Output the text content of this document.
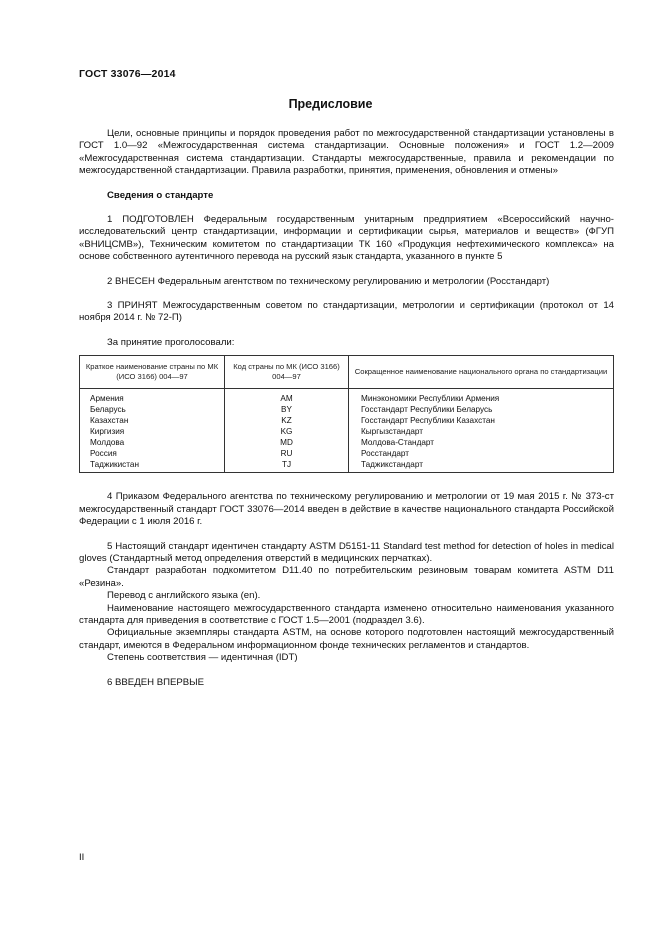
ГОСТ 33076—2014
Предисловие

Цели, основные принципы и порядок проведения работ по межгосударственной стандартизации установлены в ГОСТ 1.0—92 «Межгосударственная система стандартизации. Основные положения» и ГОСТ 1.2—2009 «Межгосударственная система стандартизации. Стандарты межгосударственные, правила и рекомендации по межгосударственной стандартизации. Правила разработки, принятия, применения, обновления и отмены»

Сведения о стандарте

1 ПОДГОТОВЛЕН Федеральным государственным унитарным предприятием «Всероссийский научно-исследовательский центр стандартизации, информации и сертификации сырья, материалов и веществ» (ФГУП «ВНИЦСМВ»), Техническим комитетом по стандартизации ТК 160 «Продукция нефтехимического комплекса» на основе собственного аутентичного перевода на русский язык стандарта, указанного в пункте 5

2 ВНЕСЕН Федеральным агентством по техническому регулированию и метрологии (Росстандарт)

3 ПРИНЯТ Межгосударственным советом по стандартизации, метрологии и сертификации (протокол от 14 ноября 2014 г. № 72-П)

За принятие проголосовали:

Краткое наименование страны по МК (ИСО 3166) 004—97	Код страны по МК (ИСО 3166) 004—97	Сокращенное наименование национального органа по стандартизации
Армения	AM	Минэкономики Республики Армения
Беларусь	BY	Госстандарт Республики Беларусь
Казахстан	KZ	Госстандарт Республики Казахстан
Киргизия	KG	Кыргызстандарт
Молдова	MD	Молдова-Стандарт
Россия	RU	Росстандарт
Таджикистан	TJ	Таджикстандарт

4 Приказом Федерального агентства по техническому регулированию и метрологии от 19 мая 2015 г. № 373-ст межгосударственный стандарт ГОСТ 33076—2014 введен в действие в качестве национального стандарта Российской Федерации с 1 июля 2016 г.

5 Настоящий стандарт идентичен стандарту ASTM D5151-11 Standard test method for detection of holes in medical gloves (Стандартный метод определения отверстий в медицинских перчатках).

Стандарт разработан подкомитетом D11.40 по потребительским резиновым товарам комитета ASTM D11 «Резина».

Перевод с английского языка (en).

Наименование настоящего межгосударственного стандарта изменено относительно наименования указанного стандарта для приведения в соответствие с ГОСТ 1.5—2001 (подраздел 3.6).

Официальные экземпляры стандарта ASTM, на основе которого подготовлен настоящий межгосударственный стандарт, имеются в Федеральном информационном фонде технических регламентов и стандартов.

Степень соответствия — идентичная (IDT)

6 ВВЕДЕН ВПЕРВЫЕ

II
